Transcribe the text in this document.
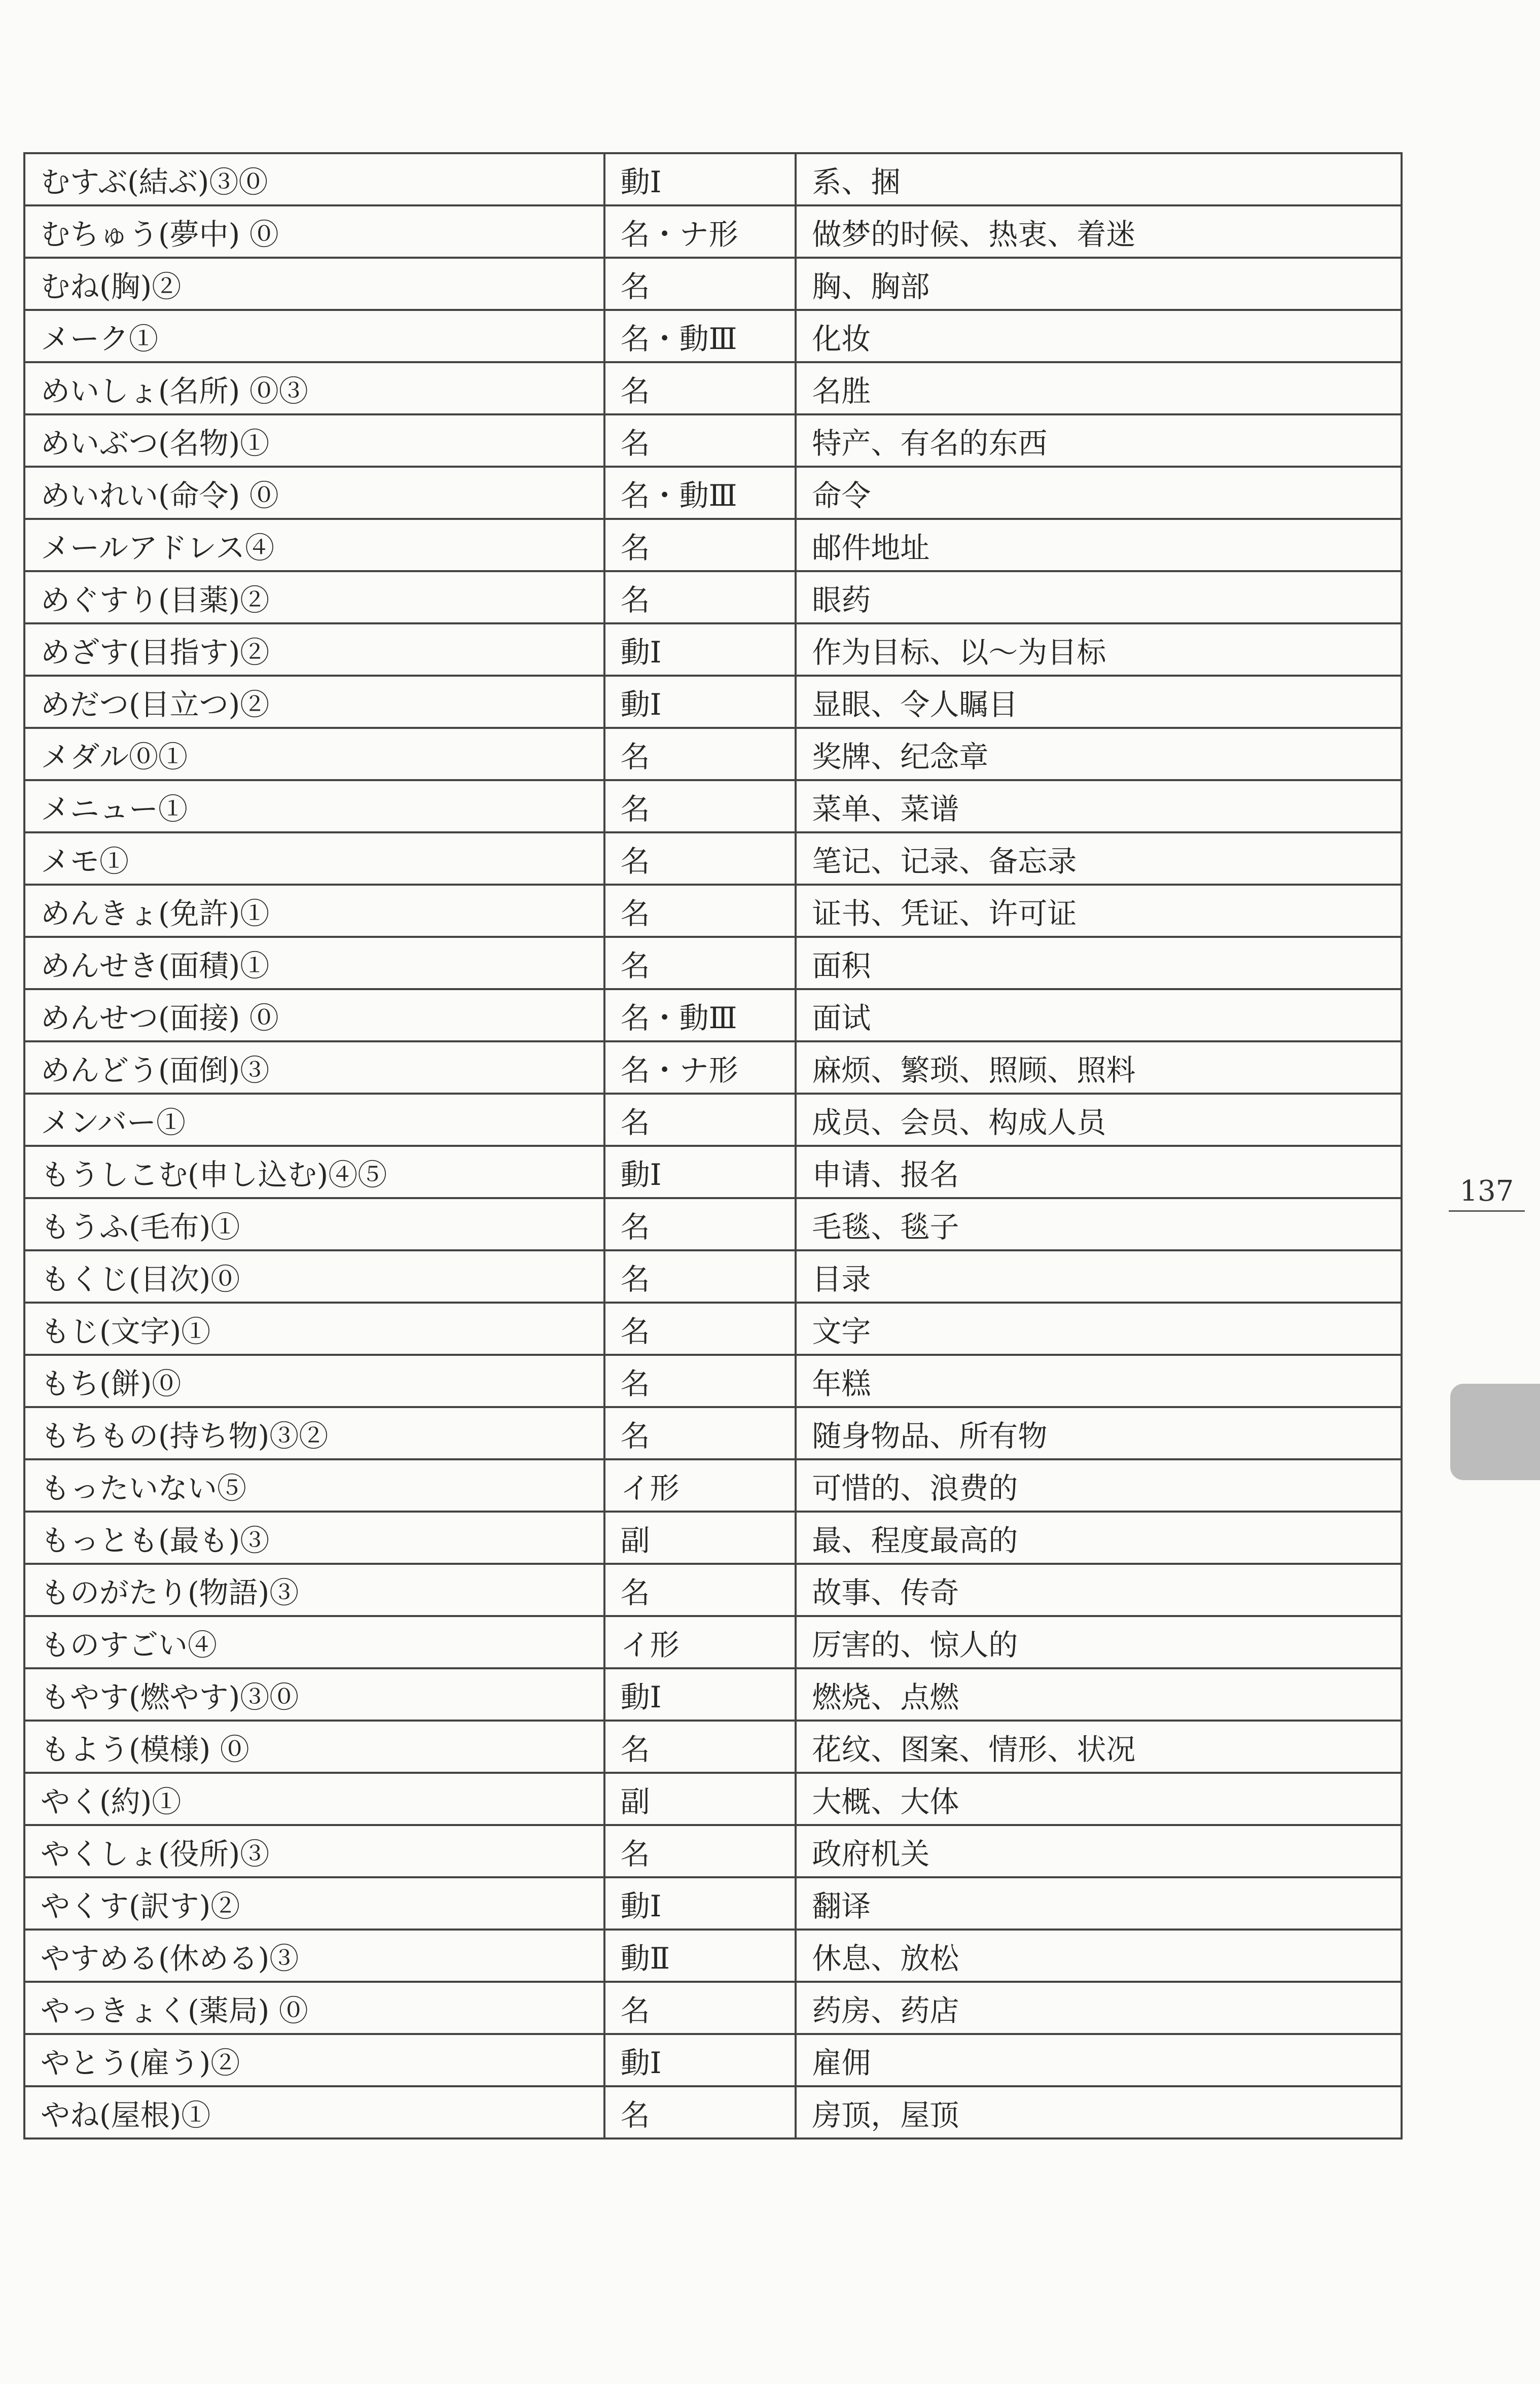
むすぶ(結ぶ)③⓪	動Ⅰ	系、捆
むちゅう(夢中) ⓪	名・ナ形	做梦的时候、热衷、着迷
むね(胸)②	名	胸、胸部
メーク①	名・動Ⅲ	化妆
めいしょ(名所) ⓪③	名	名胜
めいぶつ(名物)①	名	特产、有名的东西
めいれい(命令) ⓪	名・動Ⅲ	命令
メールアドレス④	名	邮件地址
めぐすり(目薬)②	名	眼药
めざす(目指す)②	動Ⅰ	作为目标、以～为目标
めだつ(目立つ)②	動Ⅰ	显眼、令人瞩目
メダル⓪①	名	奖牌、纪念章
メニュー①	名	菜单、菜谱
メモ①	名	笔记、记录、备忘录
めんきょ(免許)①	名	证书、凭证、许可证
めんせき(面積)①	名	面积
めんせつ(面接) ⓪	名・動Ⅲ	面试
めんどう(面倒)③	名・ナ形	麻烦、繁琐、照顾、照料
メンバー①	名	成员、会员、构成人员
もうしこむ(申し込む)④⑤	動Ⅰ	申请、报名
もうふ(毛布)①	名	毛毯、毯子
もくじ(目次)⓪	名	目录
もじ(文字)①	名	文字
もち(餅)⓪	名	年糕
もちもの(持ち物)③②	名	随身物品、所有物
もったいない⑤	イ形	可惜的、浪费的
もっとも(最も)③	副	最、程度最高的
ものがたり(物語)③	名	故事、传奇
ものすごい④	イ形	厉害的、惊人的
もやす(燃やす)③⓪	動Ⅰ	燃烧、点燃
もよう(模様) ⓪	名	花纹、图案、情形、状况
やく(約)①	副	大概、大体
やくしょ(役所)③	名	政府机关
やくす(訳す)②	動Ⅰ	翻译
やすめる(休める)③	動Ⅱ	休息、放松
やっきょく(薬局) ⓪	名	药房、药店
やとう(雇う)②	動Ⅰ	雇佣
やね(屋根)①	名	房顶，屋顶
137
